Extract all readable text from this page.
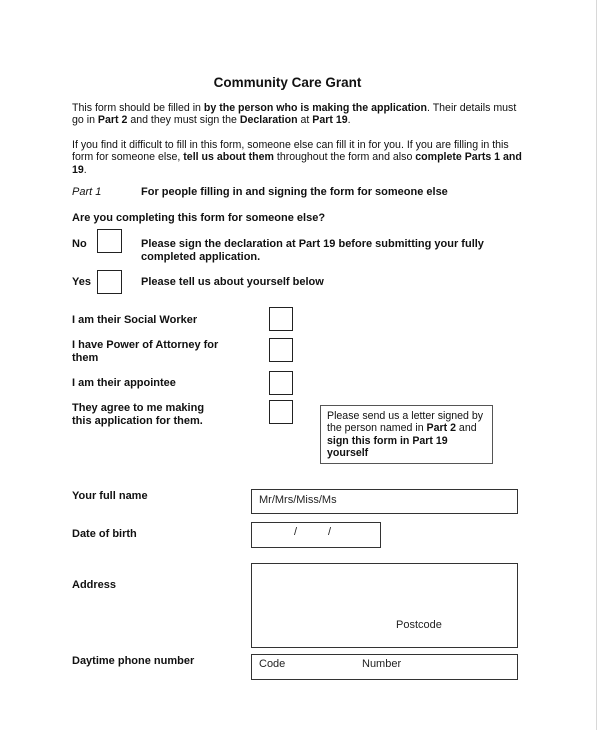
Community Care Grant
This form should be filled in by the person who is making the application. Their details must go in Part 2 and they must sign the Declaration at Part 19.
If you find it difficult to fill in this form, someone else can fill it in for you. If you are filling in this form for someone else, tell us about them throughout the form and also complete Parts 1 and 19.
Part 1	For people filling in and signing the form for someone else
Are you completing this form for someone else?
No	Please sign the declaration at Part 19 before submitting your fully completed application.
Yes	Please tell us about yourself below
I am their Social Worker
I have Power of Attorney for them
I am their appointee
They agree to me making this application for them.	Please send us a letter signed by the person named in Part 2 and sign this form in Part 19 yourself
Your full name	Mr/Mrs/Miss/Ms
Date of birth	/	/
Address
Postcode
Daytime phone number	Code	Number
